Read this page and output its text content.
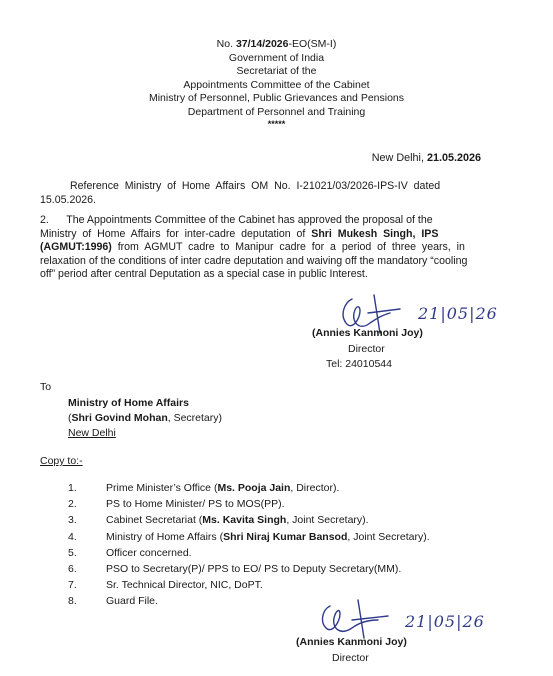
No. 37/14/2026-EO(SM-I)
Government of India
Secretariat of the
Appointments Committee of the Cabinet
Ministry of Personnel, Public Grievances and Pensions
Department of Personnel and Training
*****
New Delhi, 21.05.2026
Reference  Ministry  of  Home  Affairs  OM  No.  I-21021/03/2026-IPS-IV  dated
15.05.2026.
2.      The Appointments Committee of the Cabinet has approved the proposal of the
Ministry  of  Home  Affairs  for  inter-cadre  deputation  of  Shri  Mukesh  Singh,  IPS
(AGMUT:1996)  from  AGMUT  cadre  to  Manipur  cadre  for  a  period  of  three  years,  in
relaxation of the conditions of inter cadre deputation and waiving off the mandatory “cooling
off” period after central Deputation as a special case in public Interest.
21|05|26
(Annies Kanmoni Joy)
Director
Tel: 24010544
To
Ministry of Home Affairs
(Shri Govind Mohan, Secretary)
New Delhi
Copy to:-
1.	Prime Minister’s Office (Ms. Pooja Jain, Director).
2.	PS to Home Minister/ PS to MOS(PP).
3.	Cabinet Secretariat (Ms. Kavita Singh, Joint Secretary).
4.	Ministry of Home Affairs (Shri Niraj Kumar Bansod, Joint Secretary).
5.	Officer concerned.
6.	PSO to Secretary(P)/ PPS to EO/ PS to Deputy Secretary(MM).
7.	Sr. Technical Director, NIC, DoPT.
8.	Guard File.
21|05|26
(Annies Kanmoni Joy)
Director
